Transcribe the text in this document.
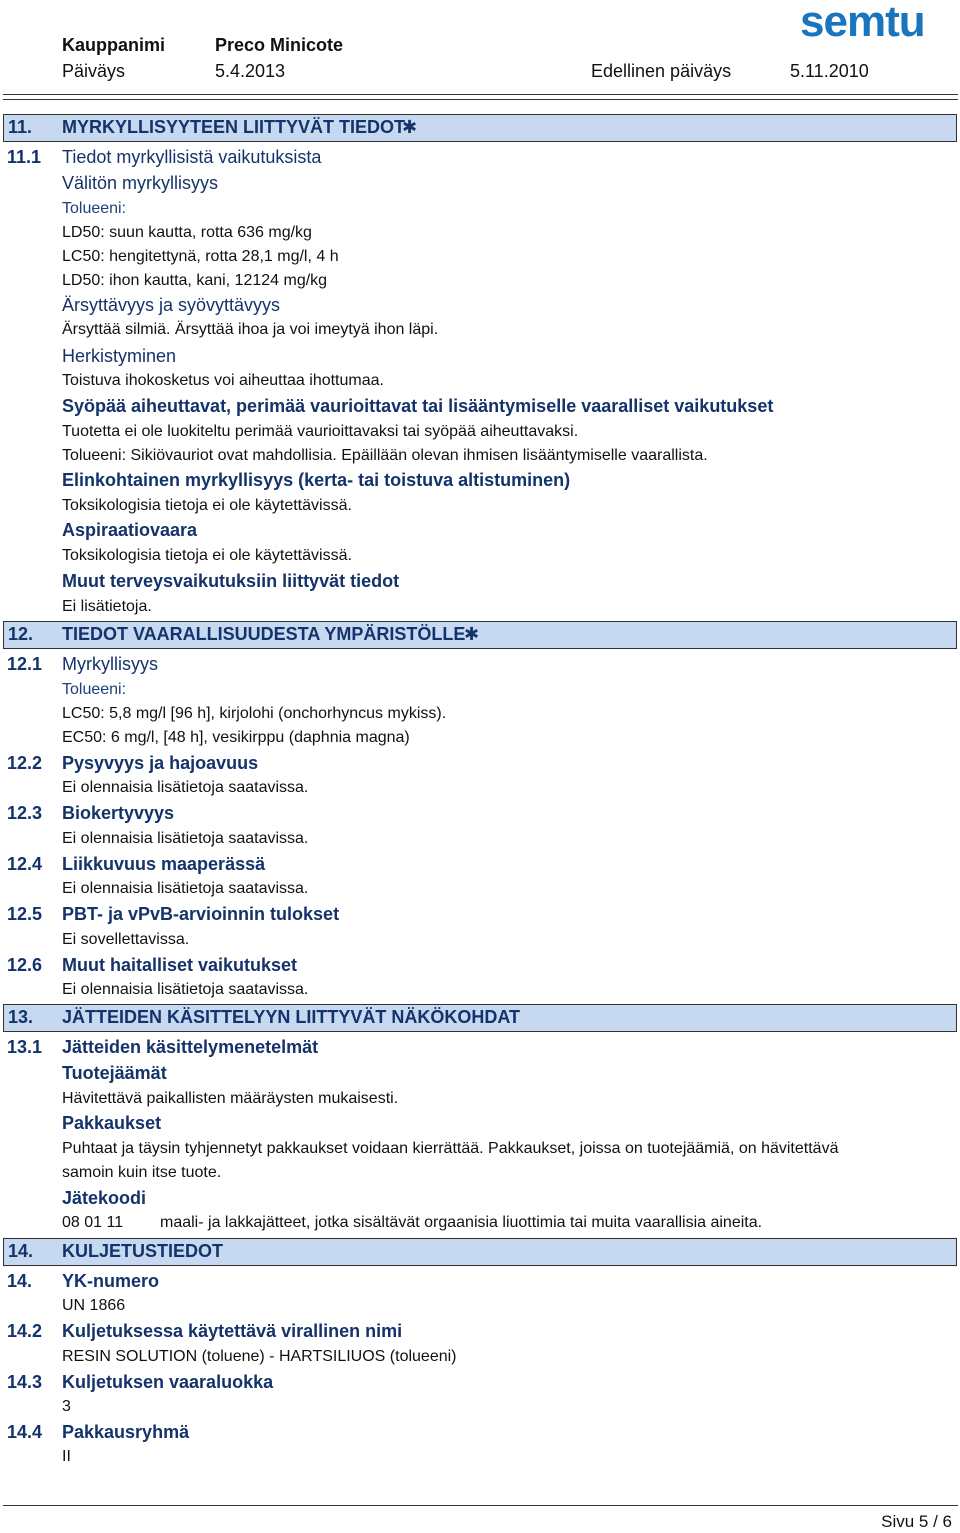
semtu
Kauppanimi	Preco Minicote
Päiväys	5.4.2013	Edellinen päiväys	5.11.2010
11. MYRKYLLISYYTEEN LIITTYVÄT TIEDOT
✱
11.1 Tiedot myrkyllisistä vaikutuksista
Välitön myrkyllisyys
Tolueeni:
LD50: suun kautta, rotta 636 mg/kg
LC50: hengitettynä, rotta 28,1 mg/l, 4 h
LD50: ihon kautta, kani, 12124 mg/kg
Ärsyttävyys ja syövyttävyys
Ärsyttää silmiä. Ärsyttää ihoa ja voi imeytyä ihon läpi.
Herkistyminen
Toistuva ihokosketus voi aiheuttaa ihottumaa.
Syöpää aiheuttavat, perimää vaurioittavat tai lisääntymiselle vaaralliset vaikutukset
Tuotetta ei ole luokiteltu perimää vaurioittavaksi tai syöpää aiheuttavaksi.
Tolueeni: Sikiövauriot ovat mahdollisia. Epäillään olevan ihmisen lisääntymiselle vaarallista.
Elinkohtainen myrkyllisyys (kerta- tai toistuva altistuminen)
Toksikologisia tietoja ei ole käytettävissä.
Aspiraatiovaara
Toksikologisia tietoja ei ole käytettävissä.
Muut terveysvaikutuksiin liittyvät tiedot
Ei lisätietoja.
12. TIEDOT VAARALLISUUDESTA YMPÄRISTÖLLE
✱
12.1 Myrkyllisyys
Tolueeni:
LC50: 5,8 mg/l [96 h], kirjolohi (onchorhyncus mykiss).
EC50: 6 mg/l, [48 h], vesikirppu (daphnia magna)
12.2 Pysyvyys ja hajoavuus
Ei olennaisia lisätietoja saatavissa.
12.3 Biokertyvyys
Ei olennaisia lisätietoja saatavissa.
12.4 Liikkuvuus maaperässä
Ei olennaisia lisätietoja saatavissa.
12.5 PBT- ja vPvB-arvioinnin tulokset
Ei sovellettavissa.
12.6 Muut haitalliset vaikutukset
Ei olennaisia lisätietoja saatavissa.
13. JÄTTEIDEN KÄSITTELYYN LIITTYVÄT NÄKÖKOHDAT
13.1 Jätteiden käsittelymenetelmät
Tuotejäämät
Hävitettävä paikallisten määräysten mukaisesti.
Pakkaukset
Puhtaat ja täysin tyhjennetyt pakkaukset voidaan kierrättää. Pakkaukset, joissa on tuotejäämiä, on hävitettävä
samoin kuin itse tuote.
Jätekoodi
08 01 11 maali- ja lakkajätteet, jotka sisältävät orgaanisia liuottimia tai muita vaarallisia aineita.
14. KULJETUSTIEDOT
14. YK-numero
UN 1866
14.2 Kuljetuksessa käytettävä virallinen nimi
RESIN SOLUTION (toluene) - HARTSILIUOS (tolueeni)
14.3 Kuljetuksen vaaraluokka
3
14.4 Pakkausryhmä
II
Sivu 5 / 6
